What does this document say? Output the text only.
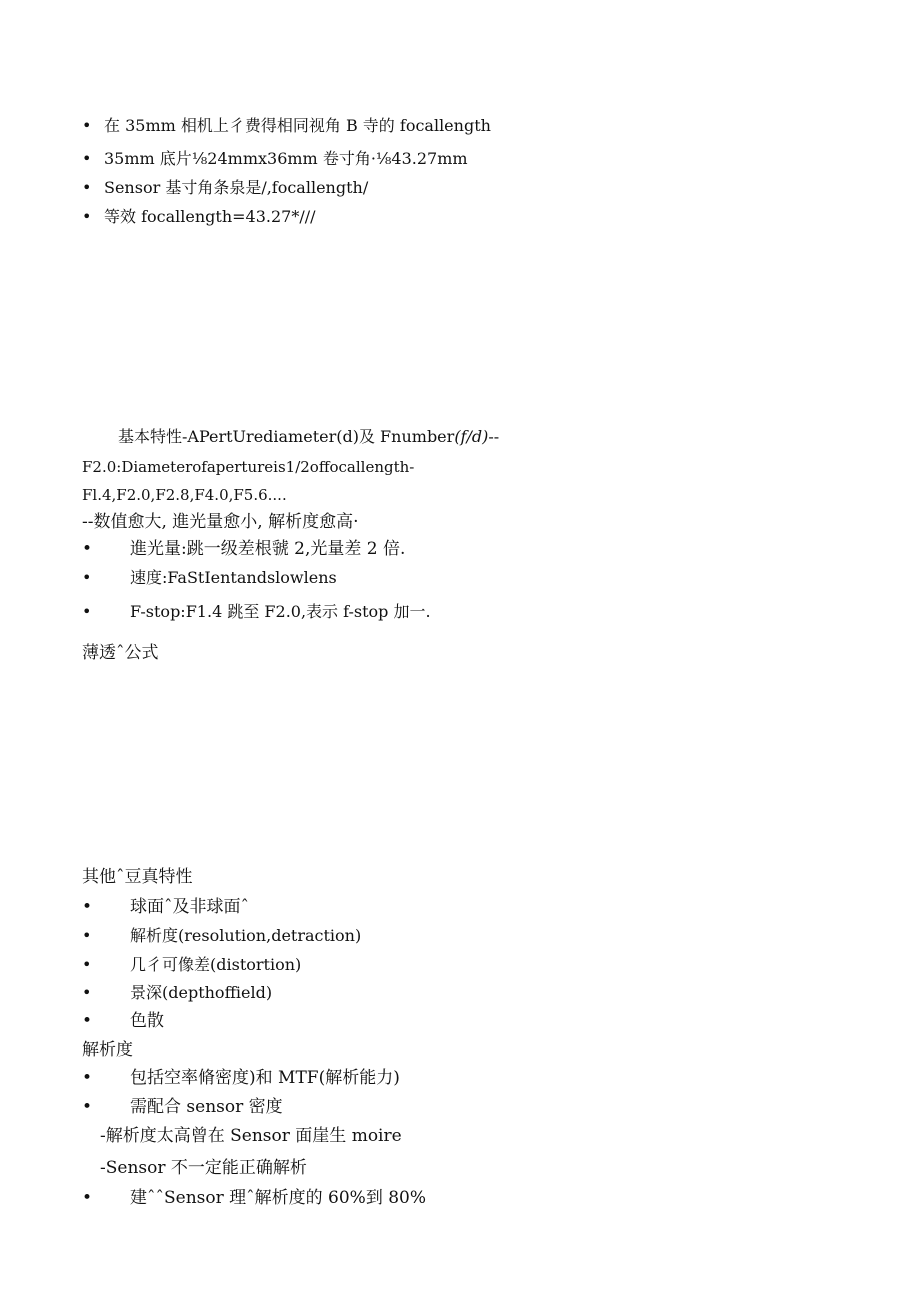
• 在 35mm 相机上彳费得相同视角 B 寺的 focallength
• 35mm 底片⅛24mmx36mm 卷寸角·⅛43.27mm
• Sensor 基寸角条泉是/,focallength/
• 等效 focallength=43.27*///
基本特性-APertUrediameter(d)及 Fnumber(f/d)--
F2.0:Diameterofapertureis1/2offocallength-
Fl.4,F2.0,F2.8,F4.0,F5.6....
--数值愈大, 進光量愈小, 解析度愈高·
• 進光量:跳一级差根虢 2,光量差 2 倍.
• 速度:FaStIentandslowlens
• F-stop:F1.4 跳至 F2.0,表示 f-stop 加一.
薄透ˆ公式
其他ˆ豆真特性
• 球面ˆ及非球面ˆ
• 解析度(resolution,detraction)
• 几彳可像差(distortion)
• 景深(depthoffield)
• 色散
解析度
• 包括空率脩密度)和 MTF(解析能力)
• 需配合 sensor 密度
-解析度太高曾在 Sensor 面崖生 moire
-Sensor 不一定能正确解析
• 建ˆˆSensor 理ˆ解析度的 60%到 80%
